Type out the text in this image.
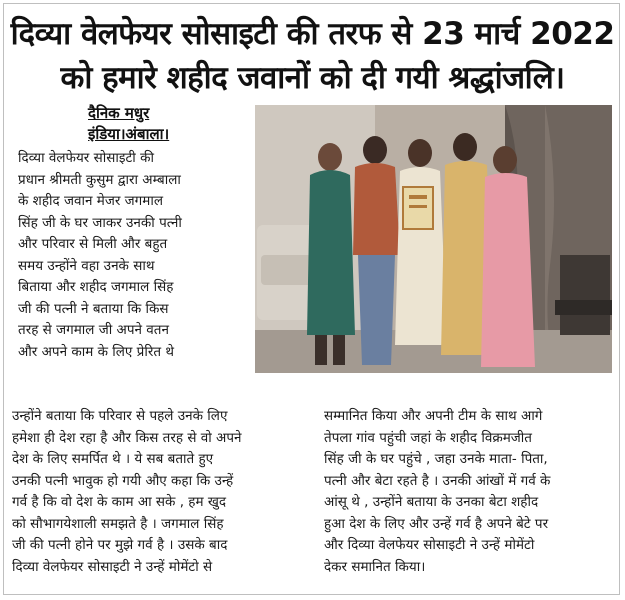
दिव्या वेलफेयर सोसाइटी की तरफ से 23 मार्च 2022
को हमारे शहीद जवानों को दी गयी श्रद्धांजलि।
दैनिक मधुर
इंडिया।अंबाला।

दिव्या वेलफेयर सोसाइटी की

प्रधान श्रीमती कुसुम द्वारा अम्बाला

के शहीद जवान मेजर जगमाल

सिंह जी के घर जाकर उनकी पत्नी

और परिवार से मिली और बहुत

समय उन्होंने वहा उनके साथ

बिताया और शहीद जगमाल सिंह

जी की पत्नी ने बताया कि किस

तरह से जगमाल जी अपने वतन

और अपने काम के लिए प्रेरित थे

उन्होंने बताया कि परिवार से पहले उनके लिए

हमेशा ही देश रहा है और किस तरह से वो अपने

देश के लिए समर्पित थे । ये सब बताते हुए

उनकी पत्नी भावुक हो गयी औए कहा कि उन्हें

गर्व है कि वो देश के काम आ सके , हम खुद

को सौभागयेशाली समझते है । जगमाल सिंह

जी की पत्नी होने पर मुझे गर्व है । उसके बाद

दिव्या वेलफेयर सोसाइटी ने उन्हें मोमेंटो से

सम्मानित किया और अपनी टीम के साथ आगे

तेपला गांव पहुंची जहां के शहीद विक्रमजीत

सिंह जी के घर पहुंचे , जहा उनके माता- पिता,

पत्नी और बेटा रहते है । उनकी आंखों में गर्व के

आंसू थे , उन्होंने बताया के उनका बेटा शहीद

हुआ देश के लिए और उन्हें गर्व है अपने बेटे पर

और दिव्या वेलफेयर सोसाइटी ने उन्हें मोमेंटो

देकर समानित किया।
